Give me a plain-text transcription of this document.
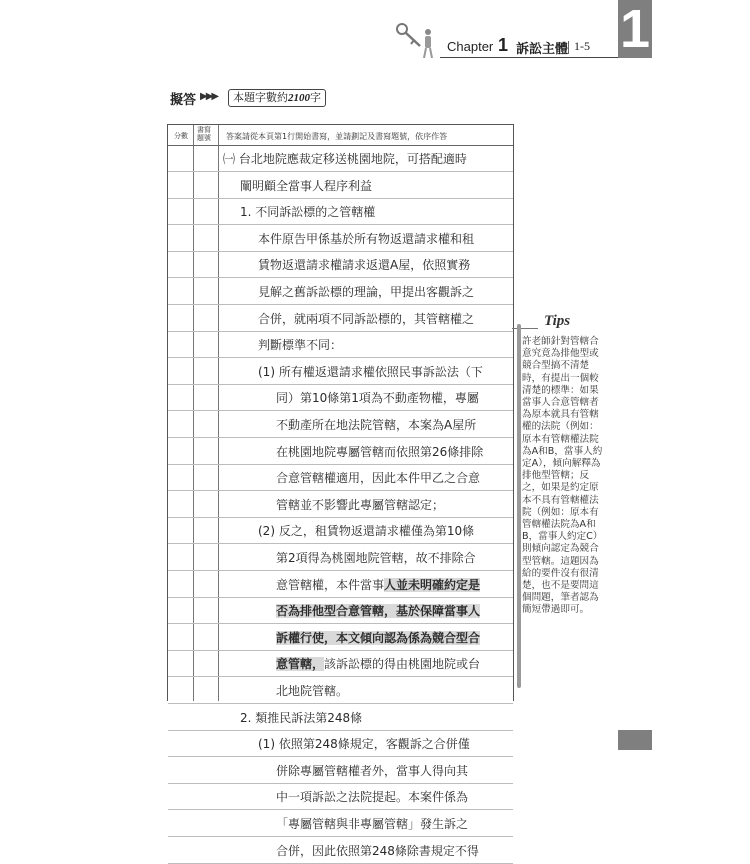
Chapter 1 訴訟主體 1-5 1
擬答 ▶▶▶	本題字數約2100字
分數
書寫題號	答案請從本頁第1行開始書寫，並請劃記及書寫題號，依序作答
㈠ 台北地院應裁定移送桃園地院，可搭配適時
闡明顧全當事人程序利益
1. 不同訴訟標的之管轄權
本件原告甲係基於所有物返還請求權和租
賃物返還請求權請求返還A屋，依照實務
見解之舊訴訟標的理論，甲提出客觀訴之
合併，就兩項不同訴訟標的，其管轄權之
判斷標準不同：
(1) 所有權返還請求權依照民事訴訟法（下
同）第10條第1項為不動產物權，專屬
不動產所在地法院管轄，本案為A屋所
在桃園地院專屬管轄而依照第26條排除
合意管轄權適用，因此本件甲乙之合意
管轄並不影響此專屬管轄認定；
(2) 反之，租賃物返還請求權僅為第10條
第2項得為桃園地院管轄，故不排除合
意管轄權，本件當事人並未明確約定是
否為排他型合意管轄，基於保障當事人
訴權行使，本文傾向認為係為競合型合
意管轄，該訴訟標的得由桃園地院或台
北地院管轄。
2. 類推民訴法第248條
(1) 依照第248條規定，客觀訴之合併僅
併除專屬管轄權者外，當事人得向其
中一項訴訟之法院提起。本案件係為
「專屬管轄與非專屬管轄」發生訴之
合併，因此依照第248條除書規定不得
Tips
許老師針對管轄合意究竟為排他型或競合型搞不清楚時，有提出一個較清楚的標準：如果當事人合意管轄者為原本就具有管轄權的法院（例如：原本有管轄權法院為A和B，當事人約定A），傾向解釋為排他型管轄；反之，如果是約定原本不具有管轄權法院（例如：原本有管轄權法院為A和B，當事人約定C）則傾向認定為競合型管轄。這題因為給的要件沒有很清楚，也不是要問這個問題，筆者認為簡短帶過即可。
